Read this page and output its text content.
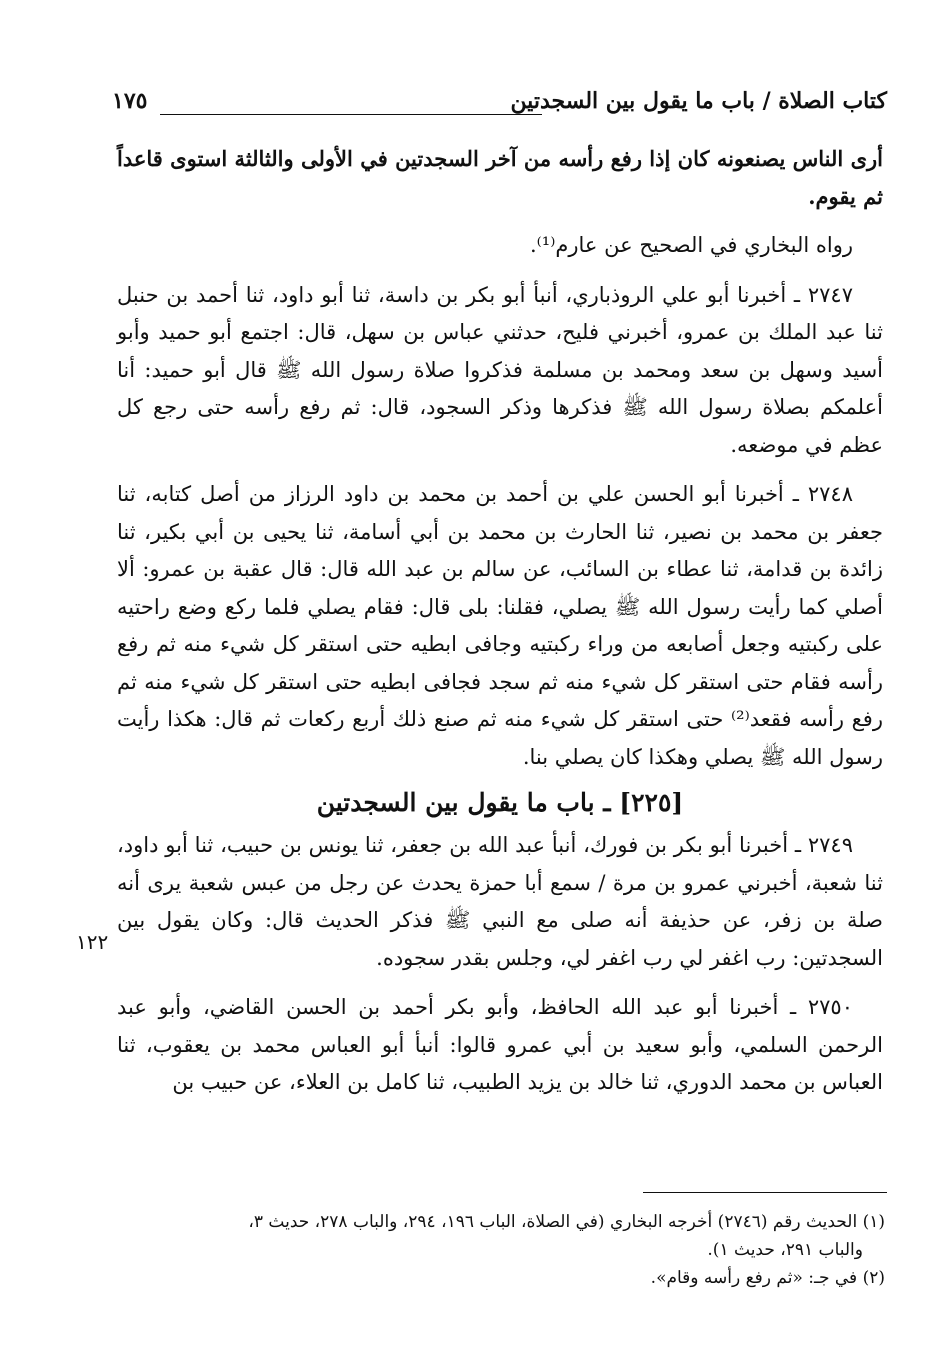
كتاب الصلاة / باب ما يقول بين السجدتين
١٧٥

أرى الناس يصنعونه كان إذا رفع رأسه من آخر السجدتين في الأولى والثالثة استوى قاعداً ثم يقوم.

رواه البخاري في الصحيح عن عارم⁽¹⁾.

٢٧٤٧ ـ أخبرنا أبو علي الروذباري، أنبأ أبو بكر بن داسة، ثنا أبو داود، ثنا أحمد بن حنبل ثنا عبد الملك بن عمرو، أخبرني فليح، حدثني عباس بن سهل، قال: اجتمع أبو حميد وأبو أسيد وسهل بن سعد ومحمد بن مسلمة فذكروا صلاة رسول الله ﷺ قال أبو حميد: أنا أعلمكم بصلاة رسول الله ﷺ فذكرها وذكر السجود، قال: ثم رفع رأسه حتى رجع كل عظم في موضعه.

٢٧٤٨ ـ أخبرنا أبو الحسن علي بن أحمد بن محمد بن داود الرزاز من أصل كتابه، ثنا جعفر بن محمد بن نصير، ثنا الحارث بن محمد بن أبي أسامة، ثنا يحيى بن أبي بكير، ثنا زائدة بن قدامة، ثنا عطاء بن السائب، عن سالم بن عبد الله قال: قال عقبة بن عمرو: ألا أصلي كما رأيت رسول الله ﷺ يصلي، فقلنا: بلى قال: فقام يصلي فلما ركع وضع راحتيه على ركبتيه وجعل أصابعه من وراء ركبتيه وجافى ابطيه حتى استقر كل شيء منه ثم رفع رأسه فقام حتى استقر كل شيء منه ثم سجد فجافى ابطيه حتى استقر كل شيء منه ثم رفع رأسه فقعد⁽²⁾ حتى استقر كل شيء منه ثم صنع ذلك أربع ركعات ثم قال: هكذا رأيت رسول الله ﷺ يصلي وهكذا كان يصلي بنا.

[٢٢٥] ـ باب ما يقول بين السجدتين

٢٧٤٩ ـ أخبرنا أبو بكر بن فورك، أنبأ عبد الله بن جعفر، ثنا يونس بن حبيب، ثنا أبو داود، ثنا شعبة، أخبرني عمرو بن مرة / سمع أبا حمزة يحدث عن رجل من عبس شعبة يرى أنه صلة بن زفر، عن حذيفة أنه صلى مع النبي ﷺ فذكر الحديث قال: وكان يقول بين السجدتين: رب اغفر لي رب اغفر لي، وجلس بقدر سجوده.

٢٧٥٠ ـ أخبرنا أبو عبد الله الحافظ، وأبو بكر أحمد بن الحسن القاضي، وأبو عبد الرحمن السلمي، وأبو سعيد بن أبي عمرو قالوا: أنبأ أبو العباس محمد بن يعقوب، ثنا العباس بن محمد الدوري، ثنا خالد بن يزيد الطبيب، ثنا كامل بن العلاء، عن حبيب بن

١٢٢

(١) الحديث رقم (٢٧٤٦) أخرجه البخاري (في الصلاة، الباب ١٩٦، ٢٩٤، والباب ٢٧٨، حديث ٣،

والباب ٢٩١، حديث ١).

(٢) في جـ: «ثم رفع رأسه وقام».
